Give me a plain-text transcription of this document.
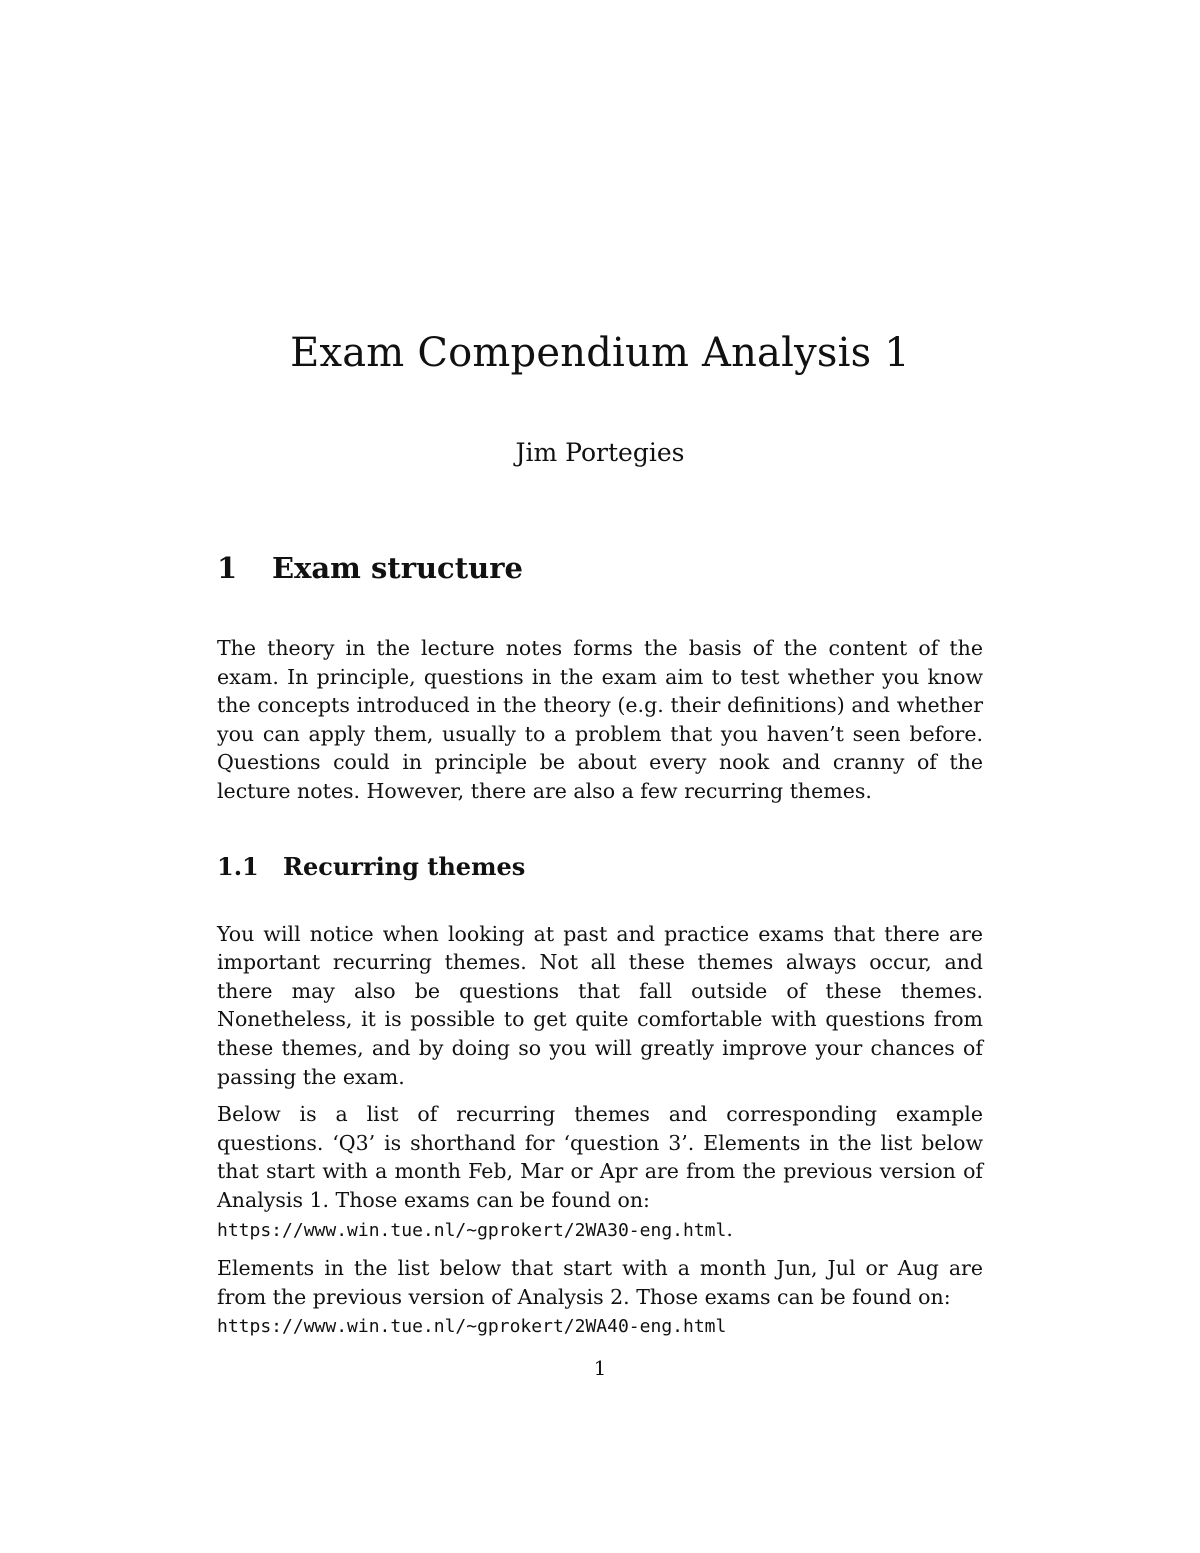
Exam Compendium Analysis 1
Jim Portegies
1 Exam structure

The theory in the lecture notes forms the basis of the content of the exam. In principle, questions in the exam aim to test whether you know the concepts introduced in the theory (e.g. their definitions) and whether you can apply them, usually to a problem that you haven’t seen before. Questions could in principle be about every nook and cranny of the lecture notes. However, there are also a few recurring themes.

1.1 Recurring themes

You will notice when looking at past and practice exams that there are important recurring themes. Not all these themes always occur, and there may also be questions that fall outside of these themes. Nonetheless, it is possible to get quite comfortable with questions from these themes, and by doing so you will greatly improve your chances of passing the exam.

Below is a list of recurring themes and corresponding example questions. ‘Q3’ is shorthand for ‘question 3’. Elements in the list below that start with a month Feb, Mar or Apr are from the previous version of Analysis 1. Those exams can be found on:
https://www.win.tue.nl/~gprokert/2WA30-eng.html.

Elements in the list below that start with a month Jun, Jul or Aug are from the previous version of Analysis 2. Those exams can be found on:
https://www.win.tue.nl/~gprokert/2WA40-eng.html

1
